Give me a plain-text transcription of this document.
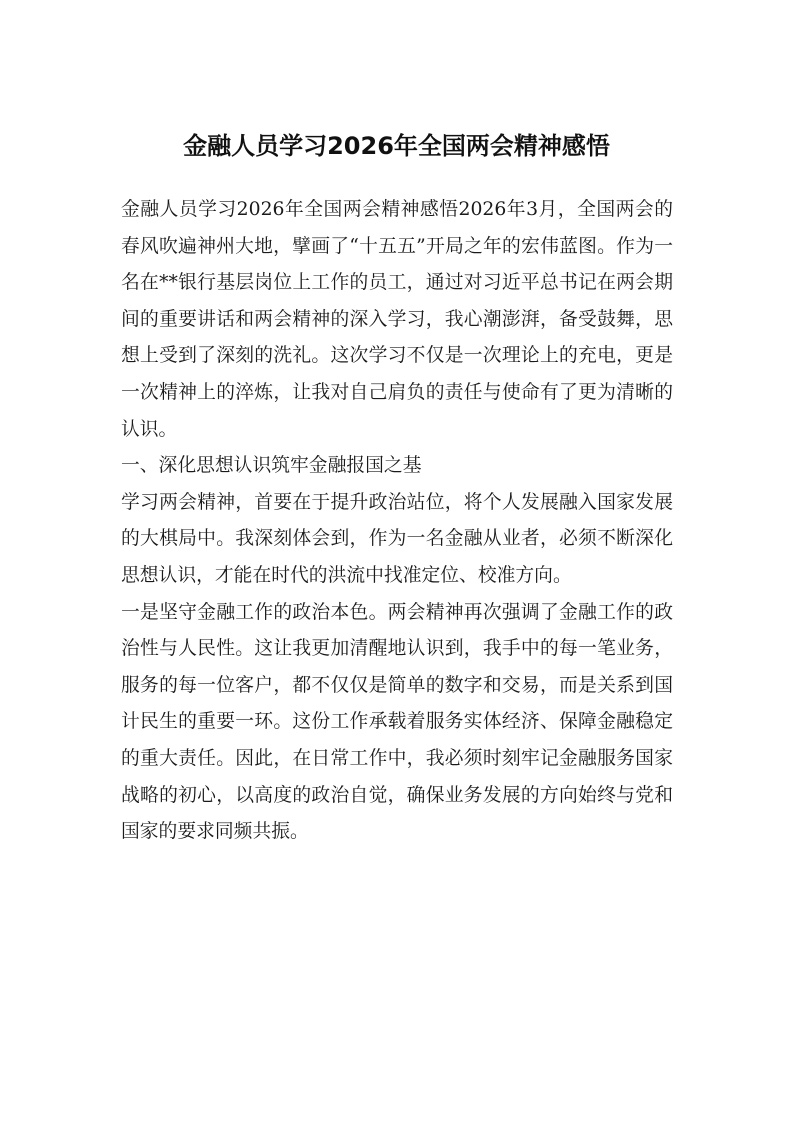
金融人员学习2026年全国两会精神感悟

金融人员学习2026年全国两会精神感悟2026年3月，全国两会的春风吹遍神州大地，擘画了“十五五”开局之年的宏伟蓝图。作为一名在**银行基层岗位上工作的员工，通过对习近平总书记在两会期间的重要讲话和两会精神的深入学习，我心潮澎湃，备受鼓舞，思想上受到了深刻的洗礼。这次学习不仅是一次理论上的充电，更是一次精神上的淬炼，让我对自己肩负的责任与使命有了更为清晰的认识。

一、深化思想认识筑牢金融报国之基

学习两会精神，首要在于提升政治站位，将个人发展融入国家发展的大棋局中。我深刻体会到，作为一名金融从业者，必须不断深化思想认识，才能在时代的洪流中找准定位、校准方向。

一是坚守金融工作的政治本色。两会精神再次强调了金融工作的政治性与人民性。这让我更加清醒地认识到，我手中的每一笔业务，服务的每一位客户，都不仅仅是简单的数字和交易，而是关系到国计民生的重要一环。这份工作承载着服务实体经济、保障金融稳定的重大责任。因此，在日常工作中，我必须时刻牢记金融服务国家战略的初心，以高度的政治自觉，确保业务发展的方向始终与党和国家的要求同频共振。
